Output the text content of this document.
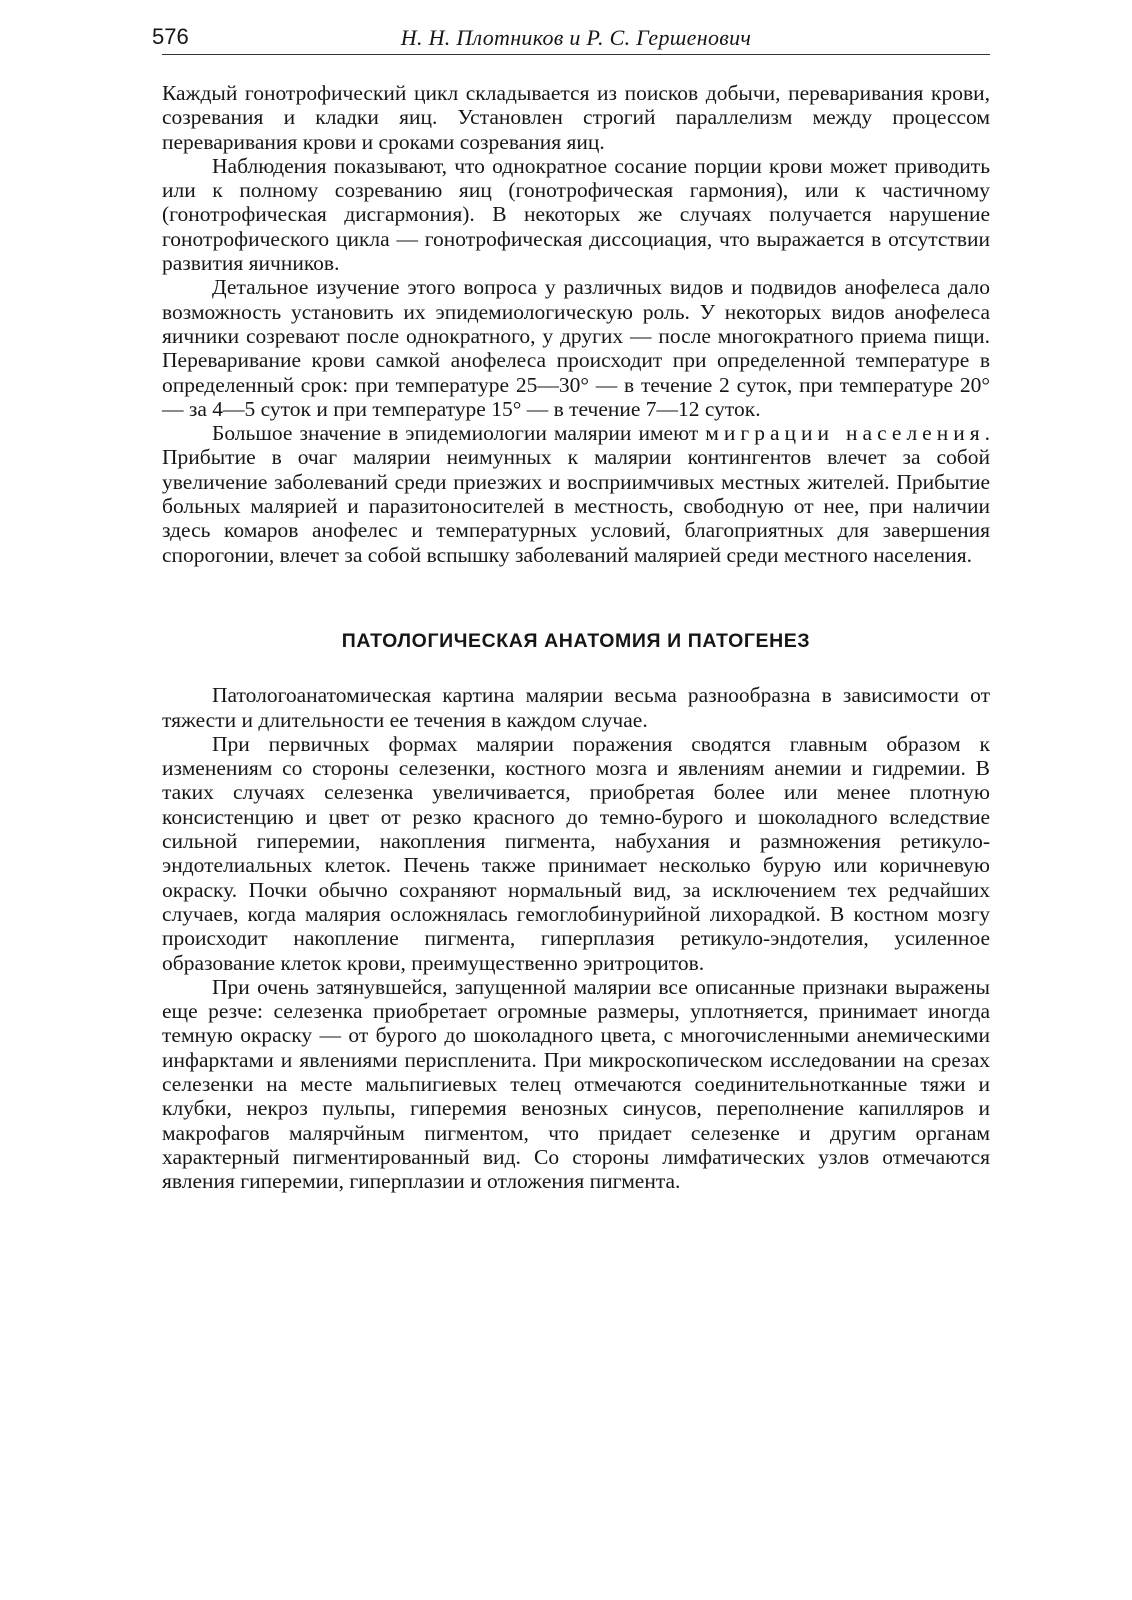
576	Н. Н. Плотников и Р. С. Гершенович

Каждый гонотрофический цикл складывается из поисков добычи, переваривания крови, созревания и кладки яиц. Установлен строгий параллелизм между процессом переваривания крови и сроками созревания яиц.

Наблюдения показывают, что однократное сосание порции крови может приводить или к полному созреванию яиц (гонотрофическая гармония), или к частичному (гонотрофическая дисгармония). В некоторых же случаях получается нарушение гонотрофического цикла — гонотрофическая диссоциация, что выражается в отсутствии развития яичников.

Детальное изучение этого вопроса у различных видов и подвидов анофелеса дало возможность установить их эпидемиологическую роль. У некоторых видов анофелеса яичники созревают после однократного, у других — после многократного приема пищи. Переваривание крови самкой анофелеса происходит при определенной температуре в определенный срок: при температуре 25—30° — в течение 2 суток, при температуре 20° — за 4—5 суток и при температуре 15° — в течение 7—12 суток.

Большое значение в эпидемиологии малярии имеют миграции населения. Прибытие в очаг малярии неимунных к малярии контингентов влечет за собой увеличение заболеваний среди приезжих и восприимчивых местных жителей. Прибытие больных малярией и паразитоносителей в местность, свободную от нее, при наличии здесь комаров анофелес и температурных условий, благоприятных для завершения спорогонии, влечет за собой вспышку заболеваний малярией среди местного населения.

ПАТОЛОГИЧЕСКАЯ АНАТОМИЯ И ПАТОГЕНЕЗ

Патологоанатомическая картина малярии весьма разнообразна в зависимости от тяжести и длительности ее течения в каждом случае.

При первичных формах малярии поражения сводятся главным образом к изменениям со стороны селезенки, костного мозга и явлениям анемии и гидремии. В таких случаях селезенка увеличивается, приобретая более или менее плотную консистенцию и цвет от резко красного до темно-бурого и шоколадного вследствие сильной гиперемии, накопления пигмента, набухания и размножения ретикуло-эндотелиальных клеток. Печень также принимает несколько бурую или коричневую окраску. Почки обычно сохраняют нормальный вид, за исключением тех редчайших случаев, когда малярия осложнялась гемоглобинурийной лихорадкой. В костном мозгу происходит накопление пигмента, гиперплазия ретикуло-эндотелия, усиленное образование клеток крови, преимущественно эритроцитов.

При очень затянувшейся, запущенной малярии все описанные признаки выражены еще резче: селезенка приобретает огромные размеры, уплотняется, принимает иногда темную окраску — от бурого до шоколадного цвета, с многочисленными анемическими инфарктами и явлениями периспленита. При микроскопическом исследовании на срезах селезенки на месте мальпигиевых телец отмечаются соединительнотканные тяжи и клубки, некроз пульпы, гиперемия венозных синусов, переполнение капилляров и макрофагов малярчйным пигментом, что придает селезенке и другим органам характерный пигментированный вид. Со стороны лимфатических узлов отмечаются явления гиперемии, гиперплазии и отложения пигмента.
